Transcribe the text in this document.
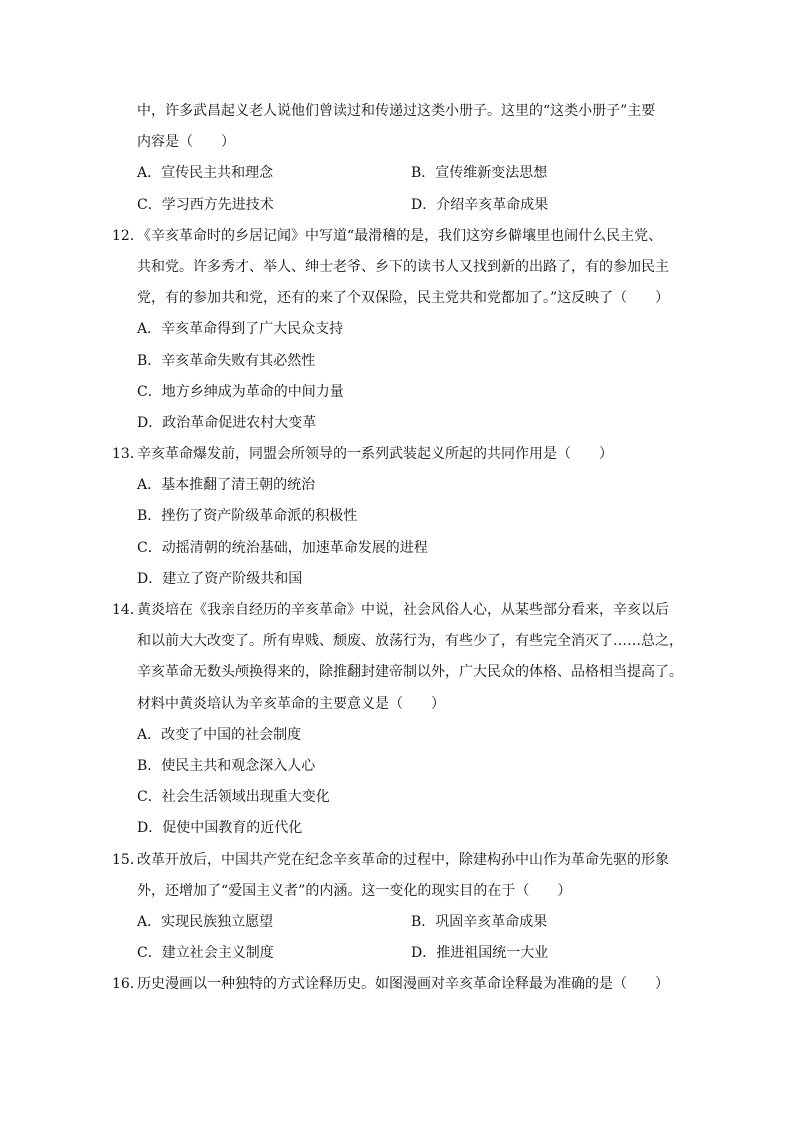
中，许多武昌起义老人说他们曾读过和传递过这类小册子。这里的“这类小册子”主要
内容是（　　）
A．宣传民主共和理念	B．宣传维新变法思想
C．学习西方先进技术	D．介绍辛亥革命成果
12．《辛亥革命时的乡居记闻》中写道“最滑稽的是，我们这穷乡僻壤里也闹什么民主党、
共和党。许多秀才、举人、绅士老爷、乡下的读书人又找到新的出路了，有的参加民主
党，有的参加共和党，还有的来了个双保险，民主党共和党都加了。”这反映了（　　）
A．辛亥革命得到了广大民众支持
B．辛亥革命失败有其必然性
C．地方乡绅成为革命的中间力量
D．政治革命促进农村大变革
13．辛亥革命爆发前，同盟会所领导的一系列武装起义所起的共同作用是（　　）
A．基本推翻了清王朝的统治
B．挫伤了资产阶级革命派的积极性
C．动摇清朝的统治基础，加速革命发展的进程
D．建立了资产阶级共和国
14．黄炎培在《我亲自经历的辛亥革命》中说，社会风俗人心，从某些部分看来，辛亥以后
和以前大大改变了。所有卑贱、颓废、放荡行为，有些少了，有些完全消灭了……总之，
辛亥革命无数头颅换得来的，除推翻封建帝制以外，广大民众的体格、品格相当提高了。
材料中黄炎培认为辛亥革命的主要意义是（　　）
A．改变了中国的社会制度
B．使民主共和观念深入人心
C．社会生活领域出现重大变化
D．促使中国教育的近代化
15．改革开放后，中国共产党在纪念辛亥革命的过程中，除建构孙中山作为革命先驱的形象
外，还增加了“爱国主义者”的内涵。这一变化的现实目的在于（　　）
A．实现民族独立愿望	B．巩固辛亥革命成果
C．建立社会主义制度	D．推进祖国统一大业
16．历史漫画以一种独特的方式诠释历史。如图漫画对辛亥革命诠释最为准确的是（　　）
